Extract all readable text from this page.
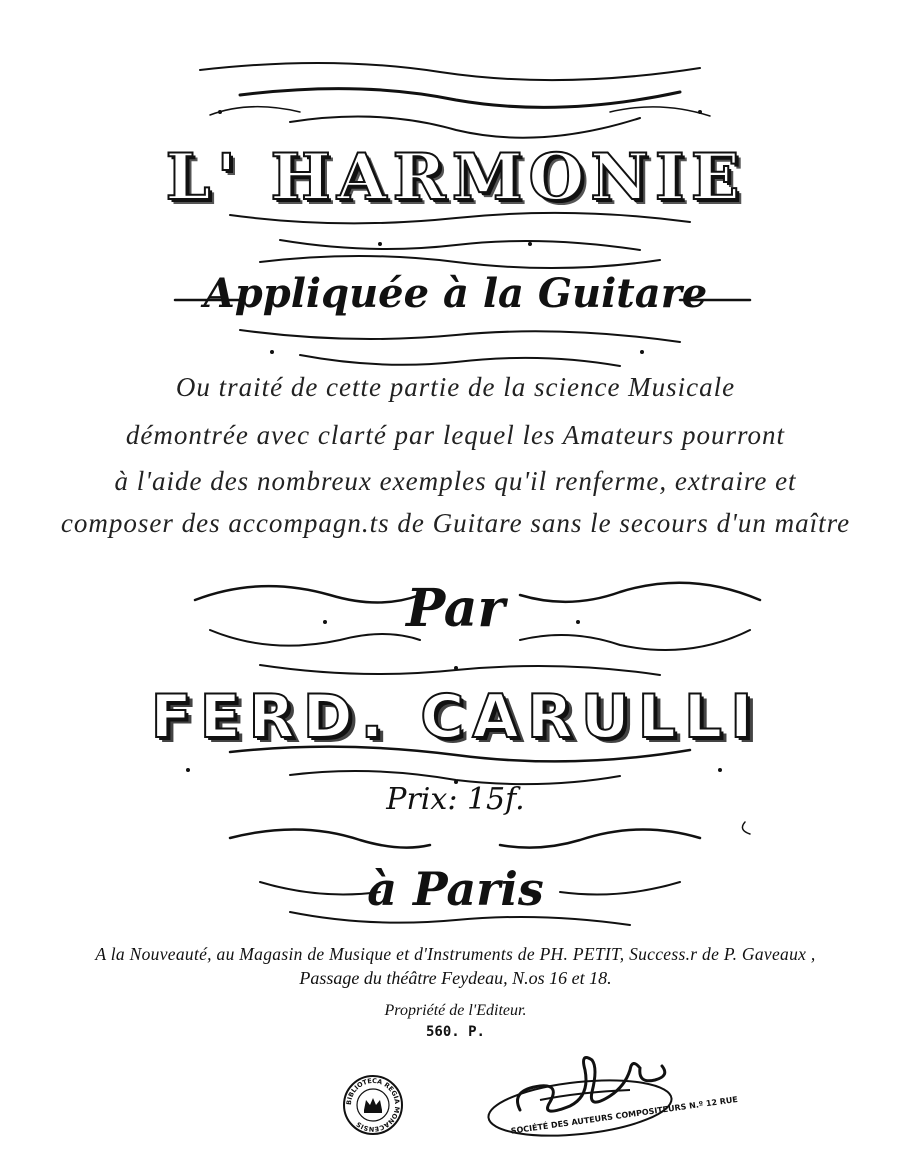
L' HARMONIE
Appliquée à la Guitare
Ou traité de cette partie de la science Musicale
démontrée avec clarté par lequel les Amateurs pourront
à l'aide des nombreux exemples qu'il renferme, extraire et
composer des accompagn.ts de Guitare sans le secours d'un maître
Par
FERD. CARULLI
Prix: 15f.
à Paris
A la Nouveauté, au Magasin de Musique et d'Instruments de PH. PETIT, Success.r de P. Gaveaux ,
Passage du théâtre Feydeau, N.os 16 et 18.
Propriété de l'Editeur.
560. P.
BIBLIOTECA REGIA MONACENSIS	SOCIÉTÉ DES AUTEURS COMPOSITEURS N.º 12 RUE
